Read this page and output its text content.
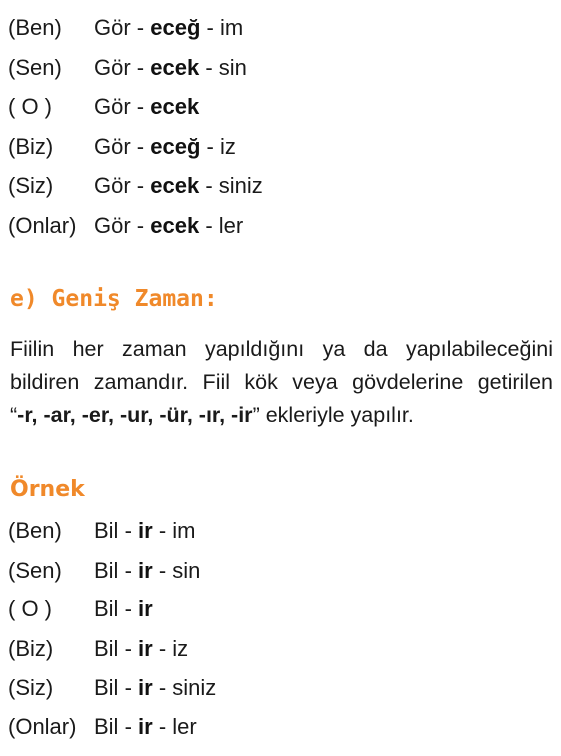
(Ben)	Gör - eceğ - im
(Sen)	Gör - ecek - sin
( O )	Gör - ecek
(Biz)	Gör - eceğ - iz
(Siz)	Gör - ecek - siniz
(Onlar) Gör - ecek - ler
e) Geniş Zaman:
Fiilin her zaman yapıldığını ya da yapılabileceğini
bildiren zamandır. Fiil kök veya gövdelerine getirilen
“-r, -ar, -er, -ur, -ür, -ır, -ir” ekleriyle yapılır.
Örnek
(Ben)	Bil - ir - im
(Sen)	Bil - ir - sin
( O )	Bil - ir
(Biz)	Bil - ir - iz
(Siz)	Bil - ir - siniz
(Onlar) Bil - ir - ler
